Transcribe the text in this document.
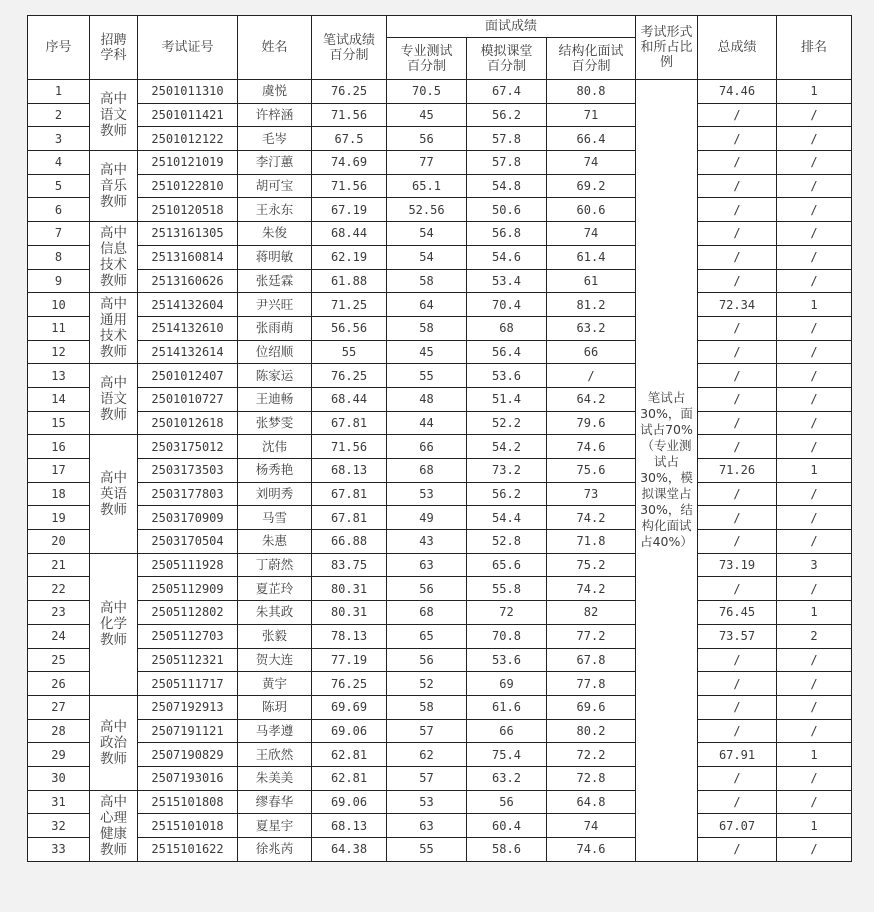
序号	招聘学科	考试证号	姓名	笔试成绩百分制	面试成绩			考试形式和所占比例	总成绩	排名
					专业测试百分制	模拟课堂百分制	结构化面试百分制			
1	高中语文教师	2501011310	虞悦	76.25	70.5	67.4	80.8	笔试占30%，面试占70%（专业测试占30%，模拟课堂占30%，结构化面试占40%）	74.46	1
2		2501011421	许梓涵	71.56	45	56.2	71		/	/
3		2501012122	毛岑	67.5	56	57.8	66.4		/	/
4	高中音乐教师	2510121019	李汀蕙	74.69	77	57.8	74		/	/
5		2510122810	胡可宝	71.56	65.1	54.8	69.2		/	/
6		2510120518	王永东	67.19	52.56	50.6	60.6		/	/
7	高中信息技术教师	2513161305	朱俊	68.44	54	56.8	74		/	/
8		2513160814	蒋明敏	62.19	54	54.6	61.4		/	/
9		2513160626	张廷霖	61.88	58	53.4	61		/	/
10	高中通用技术教师	2514132604	尹兴旺	71.25	64	70.4	81.2		72.34	1
11		2514132610	张雨萌	56.56	58	68	63.2		/	/
12		2514132614	位绍顺	55	45	56.4	66		/	/
13	高中语文教师	2501012407	陈家运	76.25	55	53.6	/		/	/
14		2501010727	王迪畅	68.44	48	51.4	64.2		/	/
15		2501012618	张梦雯	67.81	44	52.2	79.6		/	/
16	高中英语教师	2503175012	沈伟	71.56	66	54.2	74.6		/	/
17		2503173503	杨秀艳	68.13	68	73.2	75.6		71.26	1
18		2503177803	刘明秀	67.81	53	56.2	73		/	/
19		2503170909	马雪	67.81	49	54.4	74.2		/	/
20		2503170504	朱惠	66.88	43	52.8	71.8		/	/
21	高中化学教师	2505111928	丁蔚然	83.75	63	65.6	75.2		73.19	3
22		2505112909	夏芷玲	80.31	56	55.8	74.2		/	/
23		2505112802	朱其政	80.31	68	72	82		76.45	1
24		2505112703	张毅	78.13	65	70.8	77.2		73.57	2
25		2505112321	贺大连	77.19	56	53.6	67.8		/	/
26		2505111717	黄宇	76.25	52	69	77.8		/	/
27	高中政治教师	2507192913	陈玥	69.69	58	61.6	69.6		/	/
28		2507191121	马孝遵	69.06	57	66	80.2		/	/
29		2507190829	王欣然	62.81	62	75.4	72.2		67.91	1
30		2507193016	朱美美	62.81	57	63.2	72.8		/	/
31	高中心理健康教师	2515101808	缪春华	69.06	53	56	64.8		/	/
32		2515101018	夏星宇	68.13	63	60.4	74		67.07	1
33		2515101622	徐兆芮	64.38	55	58.6	74.6		/	/
